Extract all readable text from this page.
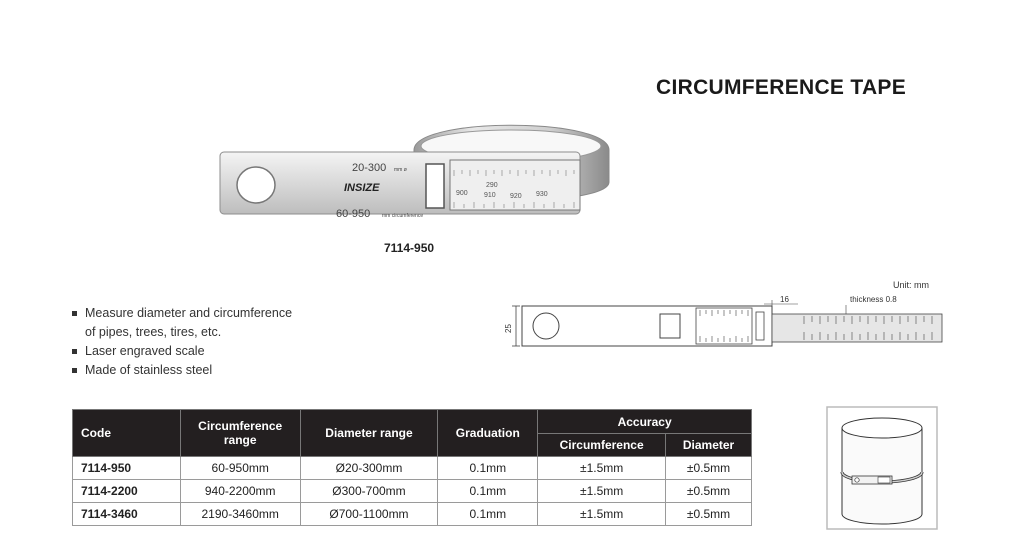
CIRCUMFERENCE TAPE
290
900 910 920 930
20-300 mm ø
INSIZE
60-950 mm circumference
7114-950
Unit: mm
25
16	thickness 0.8
Measure diameter and circumference
of pipes, trees, tires, etc.
Laser engraved scale
Made of stainless steel
Code	Circumference range	Diameter range	Graduation	Accuracy	
				Circumference	Diameter
7114-950	60-950mm	Ø20-300mm	0.1mm	±1.5mm	±0.5mm
7114-2200	940-2200mm	Ø300-700mm	0.1mm	±1.5mm	±0.5mm
7114-3460	2190-3460mm	Ø700-1100mm	0.1mm	±1.5mm	±0.5mm
